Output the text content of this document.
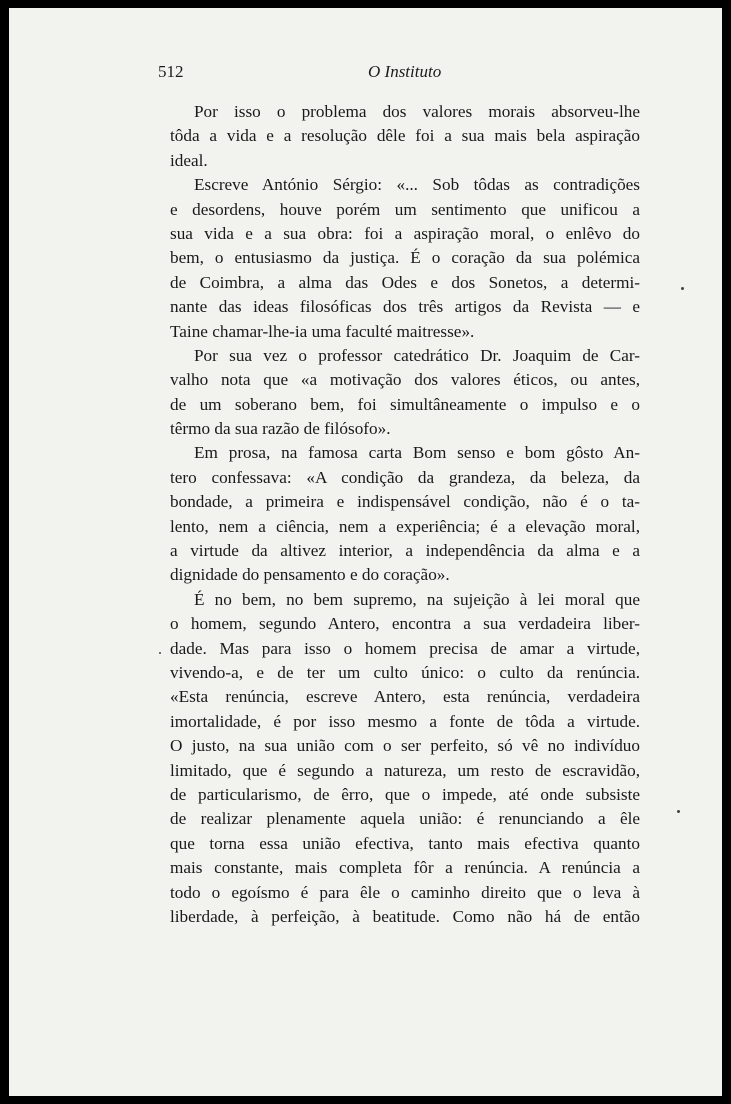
512	O Instituto
Por isso o problema dos valores morais absorveu-lhe
tôda a vida e a resolução dêle foi a sua mais bela aspiração
ideal.
Escreve António Sérgio: «... Sob tôdas as contradições
e desordens, houve porém um sentimento que unificou a
sua vida e a sua obra: foi a aspiração moral, o enlêvo do
bem, o entusiasmo da justiça. É o coração da sua polémica
de Coimbra, a alma das Odes e dos Sonetos, a determi-
nante das ideas filosóficas dos três artigos da Revista — e
Taine chamar-lhe-ia uma faculté maitresse».
Por sua vez o professor catedrático Dr. Joaquim de Car-
valho nota que «a motivação dos valores éticos, ou antes,
de um soberano bem, foi simultâneamente o impulso e o
têrmo da sua razão de filósofo».
Em prosa, na famosa carta Bom senso e bom gôsto An-
tero confessava: «A condição da grandeza, da beleza, da
bondade, a primeira e indispensável condição, não é o ta-
lento, nem a ciência, nem a experiência; é a elevação moral,
a virtude da altivez interior, a independência da alma e a
dignidade do pensamento e do coração».
É no bem, no bem supremo, na sujeição à lei moral que
o homem, segundo Antero, encontra a sua verdadeira liber-
dade. Mas para isso o homem precisa de amar a virtude,
vivendo-a, e de ter um culto único: o culto da renúncia.
«Esta renúncia, escreve Antero, esta renúncia, verdadeira
imortalidade, é por isso mesmo a fonte de tôda a virtude.
O justo, na sua união com o ser perfeito, só vê no indivíduo
limitado, que é segundo a natureza, um resto de escravidão,
de particularismo, de êrro, que o impede, até onde subsiste
de realizar plenamente aquela união: é renunciando a êle
que torna essa união efectiva, tanto mais efectiva quanto
mais constante, mais completa fôr a renúncia. A renúncia a
todo o egoísmo é para êle o caminho direito que o leva à
liberdade, à perfeição, à beatitude. Como não há de então
